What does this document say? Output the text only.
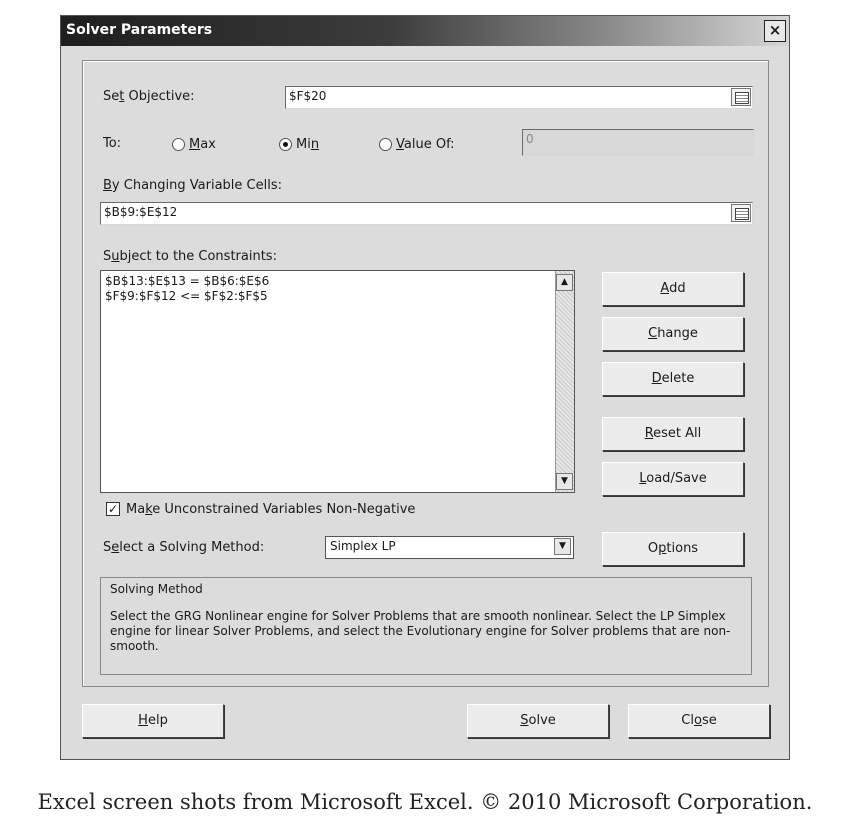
Solver Parameters	×
Set Objective:	$F$20
To:	Max	Min	Value Of:	0
By Changing Variable Cells:
$B$9:$E$12
Subject to the Constraints:
$B$13:$E$13 = $B$6:$E$6
$F$9:$F$12 <= $F$2:$F$5
▲
▼
Add
Change
Delete
Reset All
Load/Save
✓ Make Unconstrained Variables Non-Negative
Select a Solving Method:	Simplex LP	▼	Options
Solving Method
Select the GRG Nonlinear engine for Solver Problems that are smooth nonlinear. Select the LP Simplex engine for linear Solver Problems, and select the Evolutionary engine for Solver problems that are non-smooth.
Help	Solve	Close
Excel screen shots from Microsoft Excel. © 2010 Microsoft Corporation.
